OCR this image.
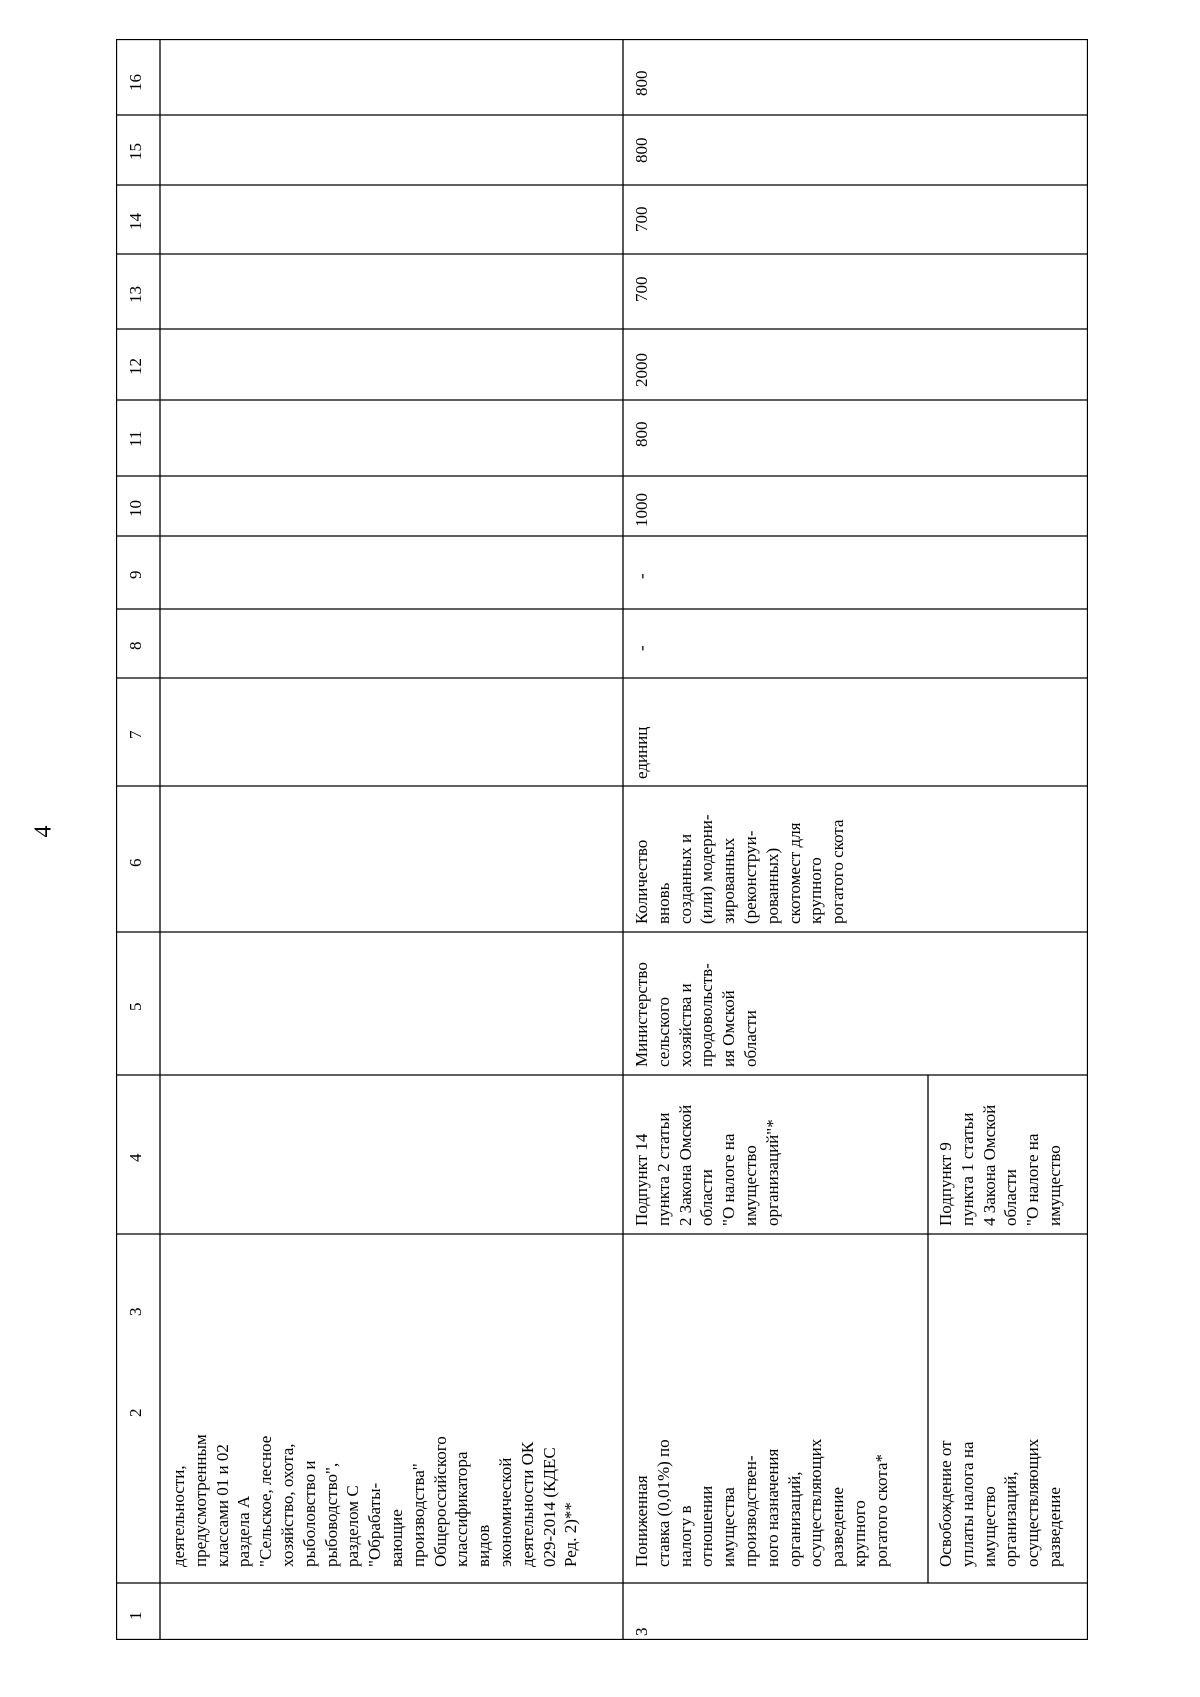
4
16
15
14
13
12
11
10
9
8
7
6
5
4
3
2
1
деятельности,
предусмотренным
классами 01 и 02
раздела А
"Сельское, лесное
хозяйство, охота,
рыболовство и
рыбоводство",
разделом С
"Обрабаты-
вающие
производства"
Общероссийского
классификатора
видов
экономической
деятельности ОК
029-2014 (КДЕС
Ред. 2)**
3
Пониженная
ставка (0,01%) по
налогу в
отношении
имущества
производствен-
ного назначения
организаций,
осуществляющих
разведение
крупного
рогатого скота*
Подпункт 14
пункта 2 статьи
2 Закона Омской
области
"О налоге на
имущество
организаций"*
Министерство
сельского
хозяйства и
продовольств-
ия Омской
области
Количество
вновь
созданных и
(или) модерни-
зированных
(реконструи-
рованных)
скотомест для
крупного
рогатого скота
единиц
-
-
1000
800
2000
700
700
800
800
Освобождение от
уплаты налога на
имущество
организаций,
осуществляющих
разведение
Подпункт 9
пункта 1 статьи
4 Закона Омской
области
"О налоге на
имущество
